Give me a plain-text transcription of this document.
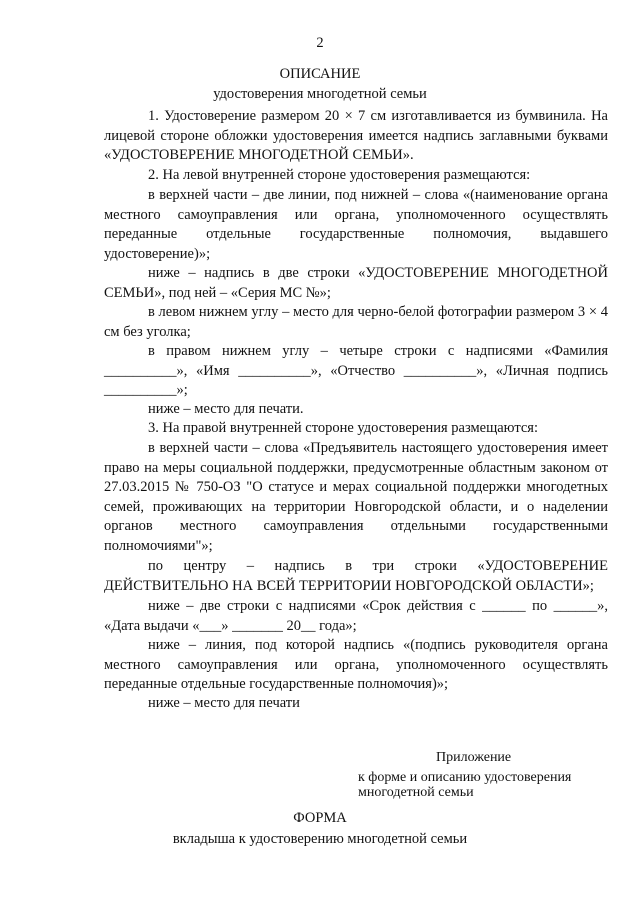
2
ОПИСАНИЕ
удостоверения многодетной семьи
1. Удостоверение размером 20 × 7 см изготавливается из бумвинила. На лицевой стороне обложки удостоверения имеется надпись заглавными буквами «УДОСТОВЕРЕНИЕ МНОГОДЕТНОЙ СЕМЬИ».
2. На левой внутренней стороне удостоверения размещаются:
в верхней части – две линии, под нижней – слова «(наименование органа местного самоуправления или органа, уполномоченного осуществлять переданные отдельные государственные полномочия, выдавшего удостоверение)»;
ниже – надпись в две строки «УДОСТОВЕРЕНИЕ МНОГОДЕТНОЙ СЕМЬИ», под ней – «Серия МС №»;
в левом нижнем углу – место для черно-белой фотографии размером 3 × 4 см без уголка;
в правом нижнем углу – четыре строки с надписями «Фамилия __________», «Имя __________», «Отчество __________», «Личная подпись __________»;
ниже – место для печати.
3. На правой внутренней стороне удостоверения размещаются:
в верхней части – слова «Предъявитель настоящего удостоверения имеет право на меры социальной поддержки, предусмотренные областным законом от 27.03.2015 № 750-ОЗ "О статусе и мерах социальной поддержки многодетных семей, проживающих на территории Новгородской области, и о наделении органов местного самоуправления отдельными государственными полномочиями"»;
по центру – надпись в три строки «УДОСТОВЕРЕНИЕ ДЕЙСТВИТЕЛЬНО НА ВСЕЙ ТЕРРИТОРИИ НОВГОРОДСКОЙ ОБЛАСТИ»;
ниже – две строки с надписями «Срок действия с ______ по ______», «Дата выдачи «___» _______ 20__ года»;
ниже – линия, под которой надпись «(подпись руководителя органа местного самоуправления или органа, уполномоченного осуществлять переданные отдельные государственные полномочия)»;
ниже – место для печати
Приложение
к форме и описанию удостоверения
многодетной семьи
ФОРМА
вкладыша к удостоверению многодетной семьи
